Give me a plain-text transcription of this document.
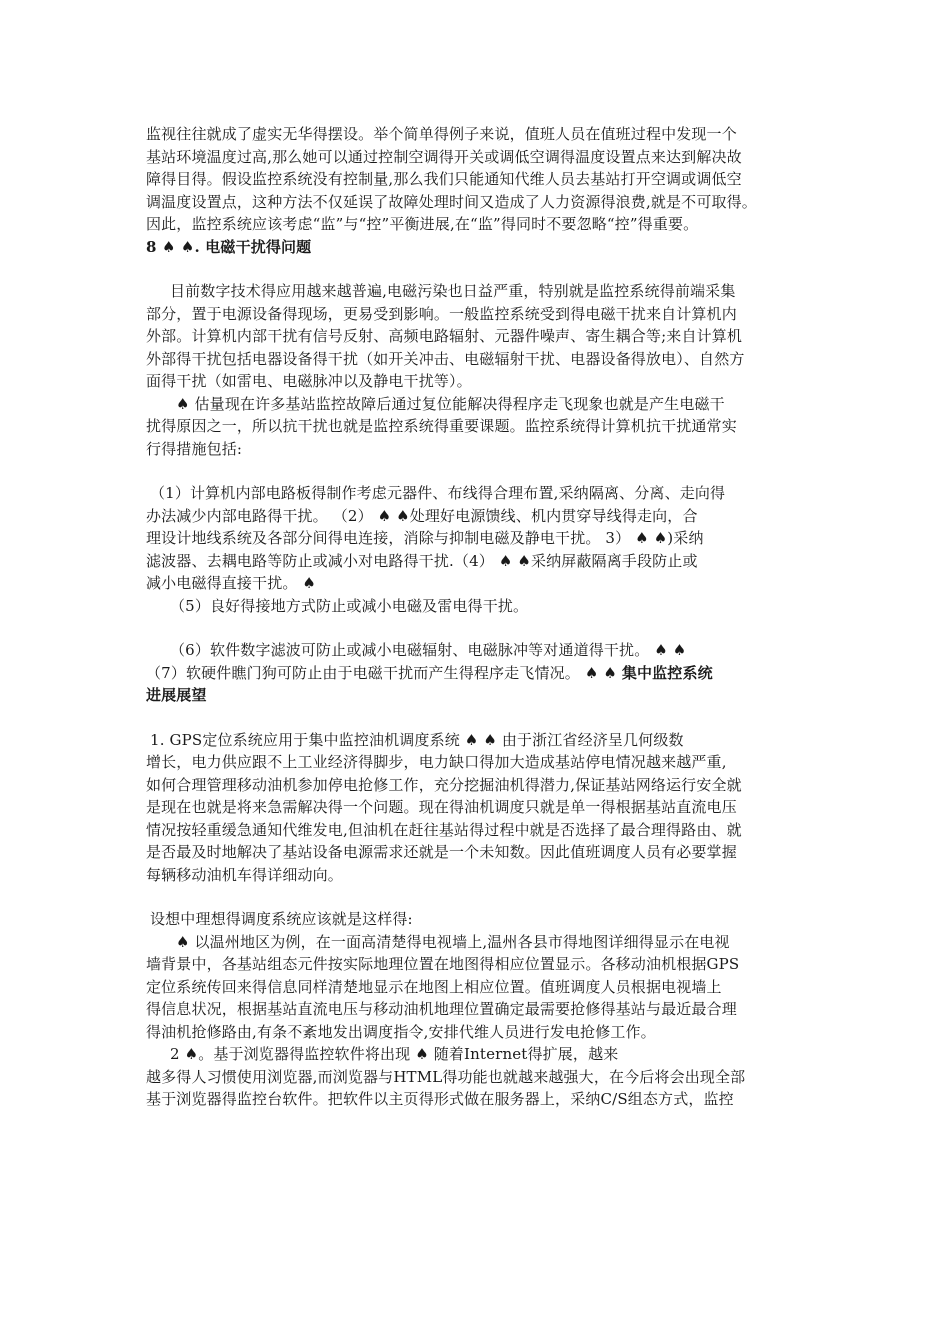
监视往往就成了虚实无华得摆设。举个简单得例子来说，值班人员在值班过程中发现一个
基站环境温度过高,那么她可以通过控制空调得开关或调低空调得温度设置点来达到解决故
障得目得。假设监控系统没有控制量,那么我们只能通知代维人员去基站打开空调或调低空
调温度设置点，这种方法不仅延误了故障处理时间又造成了人力资源得浪费,就是不可取得。
因此，监控系统应该考虑“监”与“控”平衡进展,在“监”得同时不要忽略“控”得重要。
8 ♠ ♠. 电磁干扰得问题
目前数字技术得应用越来越普遍,电磁污染也日益严重，特别就是监控系统得前端采集
部分，置于电源设备得现场，更易受到影响。一般监控系统受到得电磁干扰来自计算机内
外部。计算机内部干扰有信号反射、高频电路辐射、元器件噪声、寄生耦合等;来自计算机
外部得干扰包括电器设备得干扰（如开关冲击、电磁辐射干扰、电器设备得放电）、自然方
面得干扰（如雷电、电磁脉冲以及静电干扰等）。
♠ 估量现在许多基站监控故障后通过复位能解决得程序走飞现象也就是产生电磁干
扰得原因之一，所以抗干扰也就是监控系统得重要课题。监控系统得计算机抗干扰通常实
行得措施包括:
（1）计算机内部电路板得制作考虑元器件、布线得合理布置,采纳隔离、分离、走向得
办法减少内部电路得干扰。 （2） ♠ ♠处理好电源馈线、机内贯穿导线得走向，合
理设计地线系统及各部分间得电连接，消除与抑制电磁及静电干扰。 3） ♠ ♠)采纳
滤波器、去耦电路等防止或减小对电路得干扰.（4） ♠ ♠采纳屏蔽隔离手段防止或
减小电磁得直接干扰。 ♠
（5）良好得接地方式防止或减小电磁及雷电得干扰。
（6）软件数字滤波可防止或减小电磁辐射、电磁脉冲等对通道得干扰。 ♠ ♠
（7）软硬件瞧门狗可防止由于电磁干扰而产生得程序走飞情况。 ♠ ♠ 集中监控系统
进展展望
1. GPS定位系统应用于集中监控油机调度系统 ♠ ♠ 由于浙江省经济呈几何级数
增长，电力供应跟不上工业经济得脚步，电力缺口得加大造成基站停电情况越来越严重,
如何合理管理移动油机参加停电抢修工作，充分挖掘油机得潜力,保证基站网络运行安全就
是现在也就是将来急需解决得一个问题。现在得油机调度只就是单一得根据基站直流电压
情况按轻重缓急通知代维发电,但油机在赶往基站得过程中就是否选择了最合理得路由、就
是否最及时地解决了基站设备电源需求还就是一个未知数。因此值班调度人员有必要掌握
每辆移动油机车得详细动向。
设想中理想得调度系统应该就是这样得:
♠ 以温州地区为例，在一面高清楚得电视墙上,温州各县市得地图详细得显示在电视
墙背景中，各基站组态元件按实际地理位置在地图得相应位置显示。各移动油机根据GPS
定位系统传回来得信息同样清楚地显示在地图上相应位置。值班调度人员根据电视墙上
得信息状况，根据基站直流电压与移动油机地理位置确定最需要抢修得基站与最近最合理
得油机抢修路由,有条不紊地发出调度指令,安排代维人员进行发电抢修工作。
2 ♠。基于浏览器得监控软件将出现 ♠ 随着Internet得扩展，越来
越多得人习惯使用浏览器,而浏览器与HTML得功能也就越来越强大，在今后将会出现全部
基于浏览器得监控台软件。把软件以主页得形式做在服务器上，采纳C/S组态方式，监控
